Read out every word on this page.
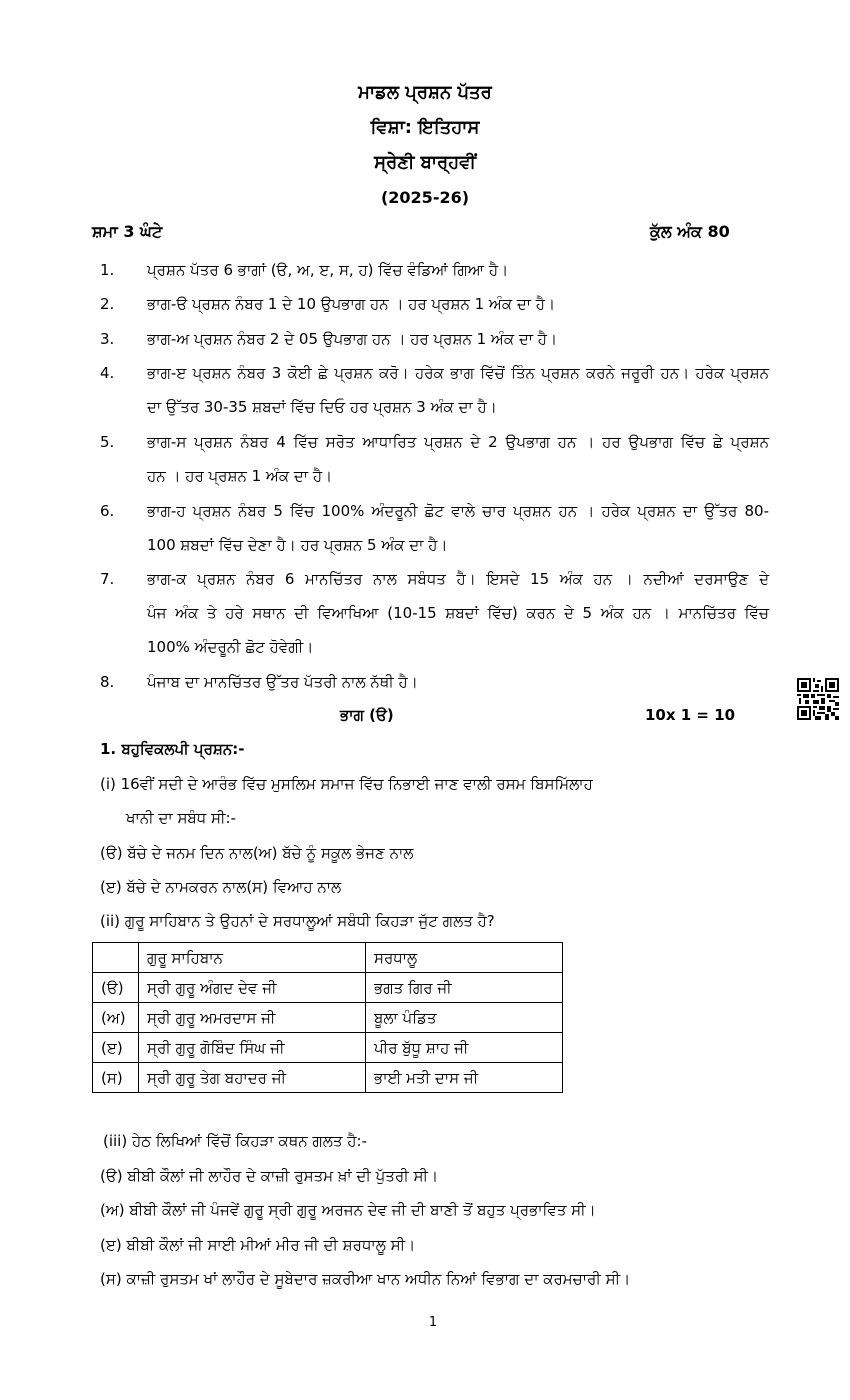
ਮਾਡਲ ਪ੍ਰਸ਼ਨ ਪੱਤਰ
ਵਿਸ਼ਾ: ਇਤਿਹਾਸ
ਸ੍ਰੇਣੀ ਬਾਰ੍ਹਵੀਂ
(2025-26)
ਸ਼ਮਾ 3 ਘੰਟੇ	ਕੁੱਲ ਅੰਕ 80
1.	ਪ੍ਰਸ਼ਨ ਪੱਤਰ 6 ਭਾਗਾਂ (ੳ, ਅ, ੲ, ਸ, ਹ) ਵਿੱਚ ਵੰਡਿਆਂ ਗਿਆ ਹੈ।
2.	ਭਾਗ-ੳ ਪ੍ਰਸ਼ਨ ਨੰਬਰ 1 ਦੇ 10 ਉਪਭਾਗ ਹਨ । ਹਰ ਪ੍ਰਸ਼ਨ 1 ਅੰਕ ਦਾ ਹੈ।
3.	ਭਾਗ-ਅ ਪ੍ਰਸ਼ਨ ਨੰਬਰ 2 ਦੇ 05 ਉਪਭਾਗ ਹਨ । ਹਰ ਪ੍ਰਸ਼ਨ 1 ਅੰਕ ਦਾ ਹੈ।
4.	ਭਾਗ-ੲ ਪ੍ਰਸ਼ਨ ਨੰਬਰ 3 ਕੋਈ ਛੇ ਪ੍ਰਸ਼ਨ ਕਰੋ। ਹਰੇਕ ਭਾਗ ਵਿੱਚੋਂ ਤਿੰਨ ਪ੍ਰਸ਼ਨ ਕਰਨੇ ਜਰੂਰੀ ਹਨ। ਹਰੇਕ ਪ੍ਰਸ਼ਨ
ਦਾ ਉੱਤਰ 30-35 ਸ਼ਬਦਾਂ ਵਿੱਚ ਦਿਓ ਹਰ ਪ੍ਰਸ਼ਨ 3 ਅੰਕ ਦਾ ਹੈ।
5.	ਭਾਗ-ਸ ਪ੍ਰਸ਼ਨ ਨੰਬਰ 4 ਵਿੱਚ ਸਰੋਤ ਆਧਾਰਿਤ ਪ੍ਰਸ਼ਨ ਦੇ 2 ਉਪਭਾਗ ਹਨ । ਹਰ ਉਪਭਾਗ ਵਿੱਚ ਛੇ ਪ੍ਰਸ਼ਨ
ਹਨ । ਹਰ ਪ੍ਰਸ਼ਨ 1 ਅੰਕ ਦਾ ਹੈ।
6.	ਭਾਗ-ਹ ਪ੍ਰਸ਼ਨ ਨੰਬਰ 5 ਵਿੱਚ 100% ਅੰਦਰੂਨੀ ਛੋਟ ਵਾਲੇ ਚਾਰ ਪ੍ਰਸ਼ਨ ਹਨ । ਹਰੇਕ ਪ੍ਰਸ਼ਨ ਦਾ ਉੱਤਰ 80-
100 ਸ਼ਬਦਾਂ ਵਿੱਚ ਦੇਣਾ ਹੈ। ਹਰ ਪ੍ਰਸ਼ਨ 5 ਅੰਕ ਦਾ ਹੈ।
7.	ਭਾਗ-ਕ ਪ੍ਰਸ਼ਨ ਨੰਬਰ 6 ਮਾਨਚਿੱਤਰ ਨਾਲ ਸਬੰਧਤ ਹੈ। ਇਸਦੇ 15 ਅੰਕ ਹਨ । ਨਦੀਆਂ ਦਰਸਾਉਣ ਦੇ
ਪੰਜ ਅੰਕ ਤੇ ਹਰੇ ਸਥਾਨ ਦੀ ਵਿਆਖਿਆ (10-15 ਸ਼ਬਦਾਂ ਵਿੱਚ) ਕਰਨ ਦੇ 5 ਅੰਕ ਹਨ । ਮਾਨਚਿੱਤਰ ਵਿੱਚ
100% ਅੰਦਰੂਨੀ ਛੋਟ ਹੋਵੇਗੀ।
8.	ਪੰਜਾਬ ਦਾ ਮਾਨਚਿੱਤਰ ਉੱਤਰ ਪੱਤਰੀ ਨਾਲ ਨੱਥੀ ਹੈ।
ਭਾਗ (ੳ)	10x 1 = 10
1. ਬਹੁਵਿਕਲਪੀ ਪ੍ਰਸ਼ਨ:-
(i) 16ਵੀਂ ਸਦੀ ਦੇ ਆਰੰਭ ਵਿੱਚ ਮੁਸਲਿਮ ਸਮਾਜ ਵਿੱਚ ਨਿਭਾਈ ਜਾਣ ਵਾਲੀ ਰਸਮ ਬਿਸਮਿੱਲਾਹ
ਖਾਨੀ ਦਾ ਸਬੰਧ ਸੀ:-
(ੳ) ਬੱਚੇ ਦੇ ਜਨਮ ਦਿਨ ਨਾਲ(ਅ) ਬੱਚੇ ਨੂੰ ਸਕੂਲ ਭੇਜਣ ਨਾਲ
(ੲ) ਬੱਚੇ ਦੇ ਨਾਮਕਰਨ ਨਾਲ(ਸ) ਵਿਆਹ ਨਾਲ
(ii) ਗੁਰੂ ਸਾਹਿਬਾਨ ਤੇ ਉਹਨਾਂ ਦੇ ਸਰਧਾਲੂਆਂ ਸਬੰਧੀ ਕਿਹੜਾ ਜੁੱਟ ਗਲਤ ਹੈ?
	ਗੁਰੂ ਸਾਹਿਬਾਨ	ਸਰਧਾਲੂ
(ੳ)	ਸ੍ਰੀ ਗੁਰੂ ਅੰਗਦ ਦੇਵ ਜੀ	ਭਗਤ ਗਿਰ ਜੀ
(ਅ)	ਸ੍ਰੀ ਗੁਰੂ ਅਮਰਦਾਸ ਜੀ	ਬੂਲਾ ਪੰਡਿਤ
(ੲ)	ਸ੍ਰੀ ਗੁਰੂ ਗੋਬਿੰਦ ਸਿੰਘ ਜੀ	ਪੀਰ ਬੁੱਧੂ ਸ਼ਾਹ ਜੀ
(ਸ)	ਸ੍ਰੀ ਗੁਰੂ ਤੇਗ ਬਹਾਦਰ ਜੀ	ਭਾਈ ਮਤੀ ਦਾਸ ਜੀ
(iii) ਹੇਠ ਲਿਖਿਆਂ ਵਿੱਚੋਂ ਕਿਹੜਾ ਕਥਨ ਗਲਤ ਹੈ:-
(ੳ) ਬੀਬੀ ਕੌਲਾਂ ਜੀ ਲਾਹੌਰ ਦੇ ਕਾਜ਼ੀ ਰੁਸਤਮ ਖ਼ਾਂ ਦੀ ਪੁੱਤਰੀ ਸੀ।
(ਅ) ਬੀਬੀ ਕੌਲਾਂ ਜੀ ਪੰਜਵੇਂ ਗੁਰੂ ਸ੍ਰੀ ਗੁਰੂ ਅਰਜਨ ਦੇਵ ਜੀ ਦੀ ਬਾਣੀ ਤੋਂ ਬਹੁਤ ਪ੍ਰਭਾਵਿਤ ਸੀ।
(ੲ) ਬੀਬੀ ਕੌਲਾਂ ਜੀ ਸਾਈ ਮੀਆਂ ਮੀਰ ਜੀ ਦੀ ਸ਼ਰਧਾਲੂ ਸੀ।
(ਸ) ਕਾਜ਼ੀ ਰੁਸਤਮ ਖਾਂ ਲਾਹੌਰ ਦੇ ਸੂਬੇਦਾਰ ਜ਼ਕਰੀਆ ਖਾਨ ਅਧੀਨ ਨਿਆਂ ਵਿਭਾਗ ਦਾ ਕਰਮਚਾਰੀ ਸੀ।
1
